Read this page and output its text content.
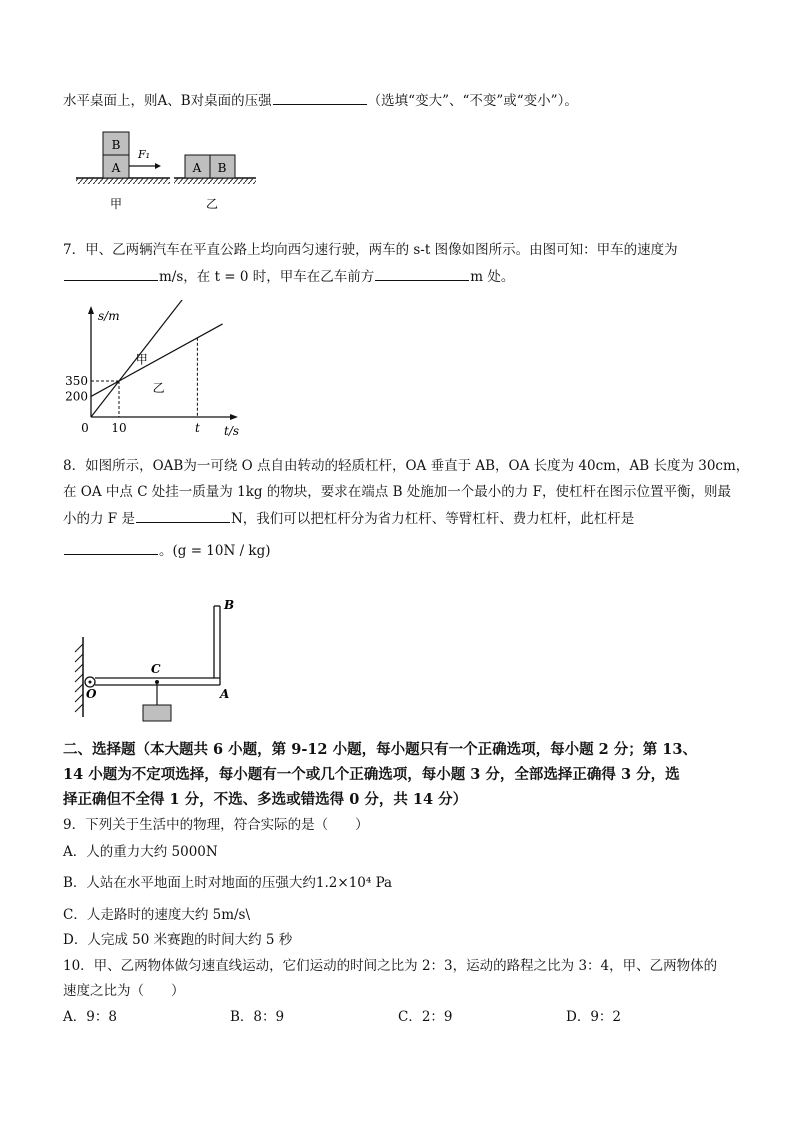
水平桌面上，则A、B对桌面的压强	（选填“变大”、“不变”或“变小”）。
A
B
F₁
A B
甲	乙
7．甲、乙两辆汽车在平直公路上均向西匀速行驶，两车的 s-t 图像如图所示。由图可知：甲车的速度为
m/s，在 t = 0 时，甲车在乙车前方	m 处。
s/m
t/s
0 10	t
200
350
甲
乙
8．如图所示，OAB为一可绕 O 点自由转动的轻质杠杆，OA 垂直于 AB，OA 长度为 40cm，AB 长度为 30cm，
在 OA 中点 C 处挂一质量为 1kg 的物块，要求在端点 B 处施加一个最小的力 F，使杠杆在图示位置平衡，则最
小的力 F 是	N，我们可以把杠杆分为省力杠杆、等臂杠杆、费力杠杆，此杠杆是
。(g = 10N / kg)
O
C
A
B
二、选择题（本大题共 6 小题，第 9-12 小题，每小题只有一个正确选项，每小题 2 分；第 13、
14 小题为不定项选择，每小题有一个或几个正确选项，每小题 3 分，全部选择正确得 3 分，选
择正确但不全得 1 分，不选、多选或错选得 0 分，共 14 分）
9．下列关于生活中的物理，符合实际的是（　　）
A．人的重力大约 5000N
B．人站在水平地面上时对地面的压强大约1.2×10⁴ Pa
C．人走路时的速度大约 5m/s\
D．人完成 50 米赛跑的时间大约 5 秒
10．甲、乙两物体做匀速直线运动，它们运动的时间之比为 2：3，运动的路程之比为 3：4，甲、乙两物体的
速度之比为（　　）
A．9：8	B．8：9	C．2：9	D．9：2
